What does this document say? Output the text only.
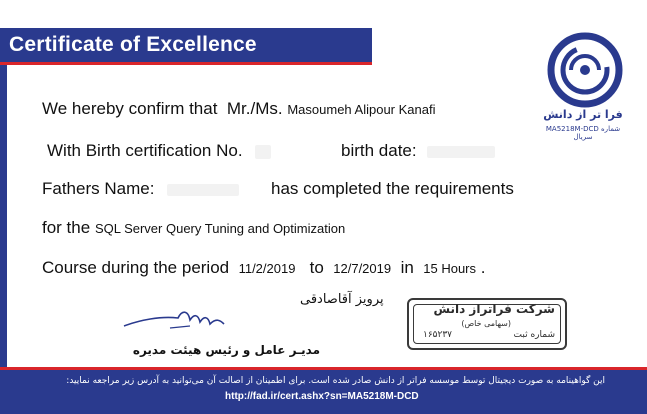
Certificate of Excellence
فرا تر از دانش
MA5218M-DCD شماره سریال
We hereby confirm that Mr./Ms. Masoumeh Alipour Kanafi
With Birth certification No.	birth date:
Fathers Name:	has completed the requirements
for the SQL Server Query Tuning and Optimization
Course during the period 11/2/2019 to 12/7/2019 in 15 Hours .
پرویز آقاصادقی
مدیـر عامل و رئیس هیئت مدیره
شرکت فراتراز دانش
(سهامی خاص)
شماره ثبت
۱۶۵۲۳۷
این گواهینامه به صورت دیجیتال توسط موسسه فراتر از دانش صادر شده است. برای اطمینان از اصالت آن می‌توانید به آدرس زیر مراجعه نمایید:
http://fad.ir/cert.ashx?sn=MA5218M-DCD
